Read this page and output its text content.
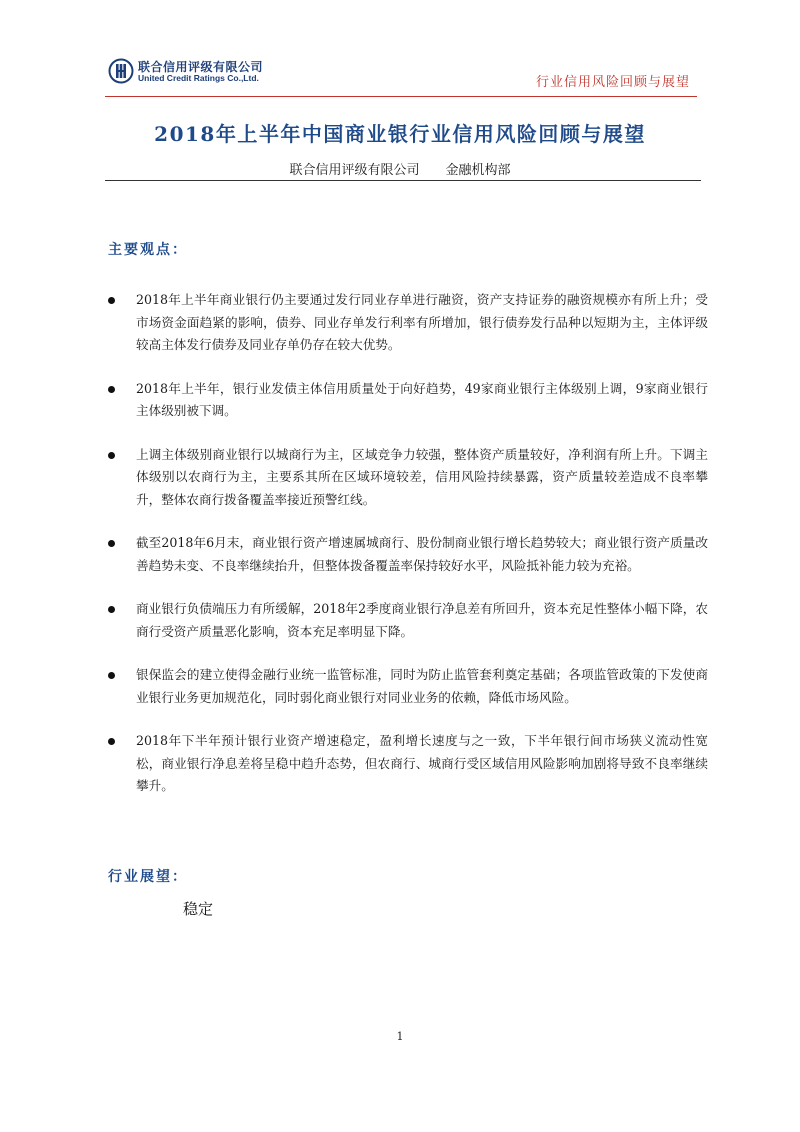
联合信用评级有限公司
United Credit Ratings Co.,Ltd.	行业信用风险回顾与展望
2018年上半年中国商业银行业信用风险回顾与展望
联合信用评级有限公司 金融机构部
主要观点：
2018年上半年商业银行仍主要通过发行同业存单进行融资，资产支持证券的融资规模亦有所上升；受市场资金面趋紧的影响，债券、同业存单发行利率有所增加，银行债券发行品种以短期为主，主体评级较高主体发行债券及同业存单仍存在较大优势。
2018年上半年，银行业发债主体信用质量处于向好趋势，49家商业银行主体级别上调，9家商业银行主体级别被下调。
上调主体级别商业银行以城商行为主，区域竞争力较强，整体资产质量较好，净利润有所上升。下调主体级别以农商行为主，主要系其所在区域环境较差，信用风险持续暴露，资产质量较差造成不良率攀升，整体农商行拨备覆盖率接近预警红线。
截至2018年6月末，商业银行资产增速属城商行、股份制商业银行增长趋势较大；商业银行资产质量改善趋势未变、不良率继续抬升，但整体拨备覆盖率保持较好水平，风险抵补能力较为充裕。
商业银行负债端压力有所缓解，2018年2季度商业银行净息差有所回升，资本充足性整体小幅下降，农商行受资产质量恶化影响，资本充足率明显下降。
银保监会的建立使得金融行业统一监管标准，同时为防止监管套利奠定基础；各项监管政策的下发使商业银行业务更加规范化，同时弱化商业银行对同业业务的依赖，降低市场风险。
2018年下半年预计银行业资产增速稳定，盈利增长速度与之一致，下半年银行间市场狭义流动性宽松，商业银行净息差将呈稳中趋升态势，但农商行、城商行受区域信用风险影响加剧将导致不良率继续攀升。
行业展望：
稳定
1
